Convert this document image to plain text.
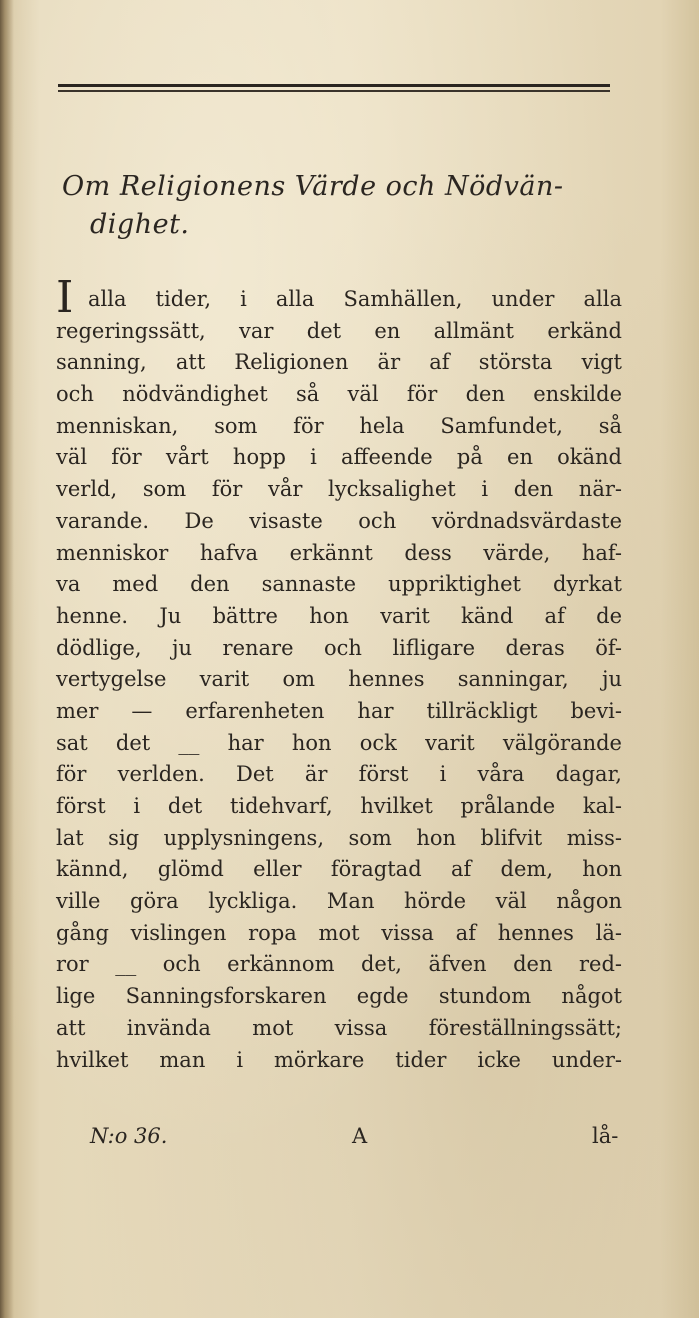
Om Religionens Värde och Nödvän-
dighet.
I alla tider, i alla Samhällen, under alla
regeringssätt, var det en allmänt erkänd
sanning, att Religionen är af största vigt
och nödvändighet så väl för den enskilde
menniskan, som för hela Samfundet, så
väl för vårt hopp i affeende på en okänd
verld, som för vår lycksalighet i den när-
varande. De visaste och vördnadsvärdaste
menniskor hafva erkännt dess värde, haf-
va med den sannaste uppriktighet dyrkat
henne. Ju bättre hon varit känd af de
dödlige, ju renare och lifligare deras öf-
vertygelse varit om hennes sanningar, ju
mer — erfarenheten har tillräckligt bevi-
sat det __ har hon ock varit välgörande
för verlden. Det är först i våra dagar,
först i det tidehvarf, hvilket prålande kal-
lat sig upplysningens, som hon blifvit miss-
kännd, glömd eller föragtad af dem, hon
ville göra lyckliga. Man hörde väl någon
gång vislingen ropa mot vissa af hennes lä-
ror __ och erkännom det, äfven den red-
lige Sanningsforskaren egde stundom något
att invända mot vissa föreställningssätt;
hvilket man i mörkare tider icke under-
N:o 36.	A	lå-
